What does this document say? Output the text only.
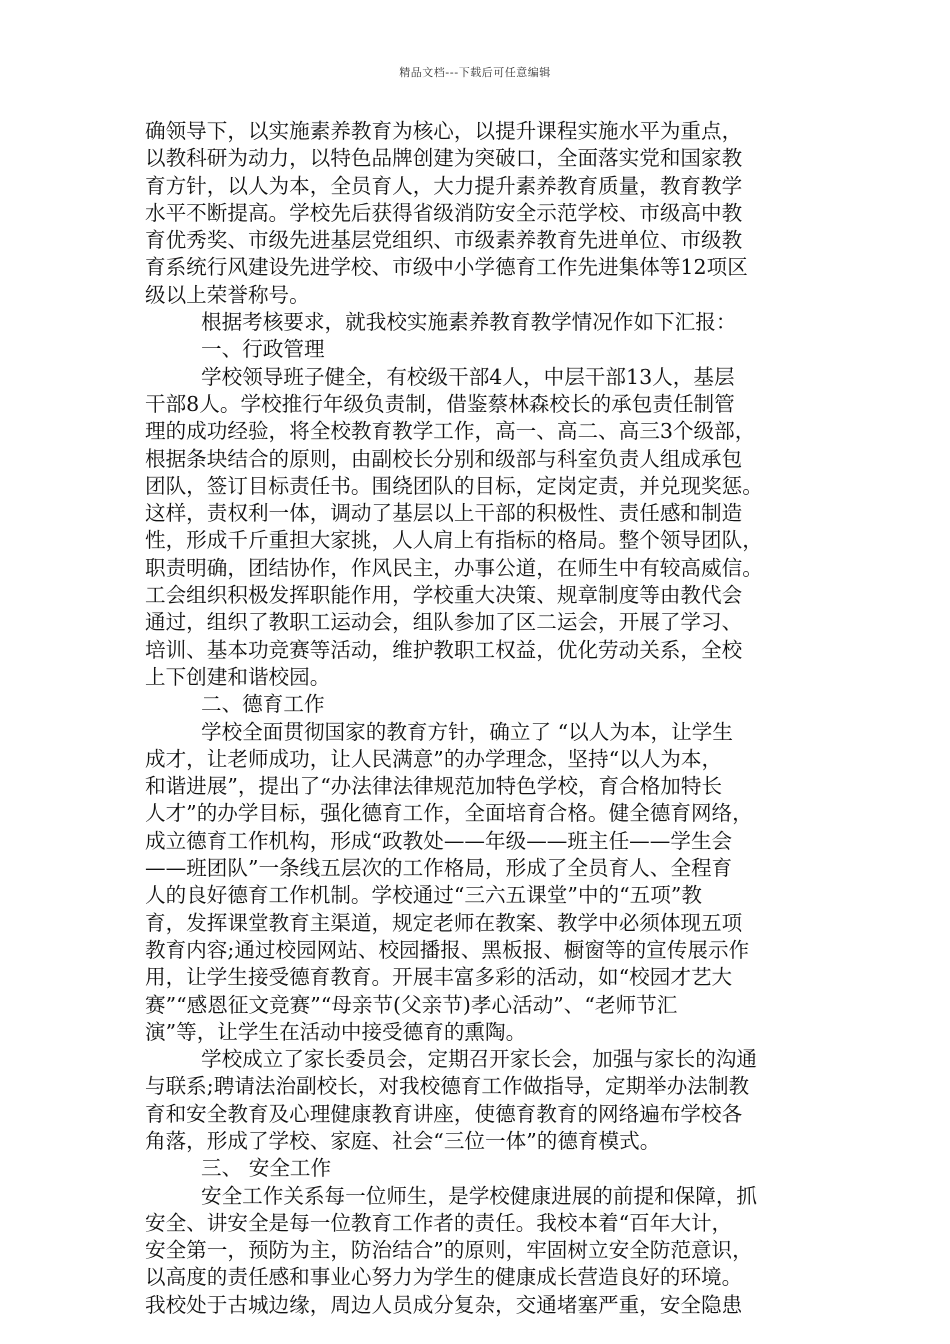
精品文档---下载后可任意编辑
确领导下，以实施素养教育为核心，以提升课程实施水平为重点，
以教科研为动力，以特色品牌创建为突破口，全面落实党和国家教
育方针，以人为本，全员育人，大力提升素养教育质量，教育教学
水平不断提高。学校先后获得省级消防安全示范学校、市级高中教
育优秀奖、市级先进基层党组织、市级素养教育先进单位、市级教
育系统行风建设先进学校、市级中小学德育工作先进集体等12项区
级以上荣誉称号。
根据考核要求，就我校实施素养教育教学情况作如下汇报：
一、行政管理
学校领导班子健全，有校级干部4人，中层干部13人，基层
干部8人。学校推行年级负责制，借鉴蔡林森校长的承包责任制管
理的成功经验，将全校教育教学工作，高一、高二、高三3个级部，
根据条块结合的原则，由副校长分别和级部与科室负责人组成承包
团队，签订目标责任书。围绕团队的目标，定岗定责，并兑现奖惩。
这样，责权利一体，调动了基层以上干部的积极性、责任感和制造
性，形成千斤重担大家挑，人人肩上有指标的格局。整个领导团队，
职责明确，团结协作，作风民主，办事公道，在师生中有较高威信。
工会组织积极发挥职能作用，学校重大决策、规章制度等由教代会
通过，组织了教职工运动会，组队参加了区二运会，开展了学习、
培训、基本功竞赛等活动，维护教职工权益，优化劳动关系，全校
上下创建和谐校园。
二、德育工作
学校全面贯彻国家的教育方针，确立了 “以人为本，让学生
成才，让老师成功，让人民满意”的办学理念，坚持“以人为本，
和谐进展”，提出了“办法律法律规范加特色学校，育合格加特长
人才”的办学目标，强化德育工作，全面培育合格。健全德育网络，
成立德育工作机构，形成“政教处——年级——班主任——学生会
——班团队”一条线五层次的工作格局，形成了全员育人、全程育
人的良好德育工作机制。学校通过“三六五课堂”中的“五项”教
育，发挥课堂教育主渠道，规定老师在教案、教学中必须体现五项
教育内容;通过校园网站、校园播报、黑板报、橱窗等的宣传展示作
用，让学生接受德育教育。开展丰富多彩的活动，如“校园才艺大
赛”“感恩征文竞赛”“母亲节(父亲节)孝心活动”、“老师节汇
演”等，让学生在活动中接受德育的熏陶。
学校成立了家长委员会，定期召开家长会，加强与家长的沟通
与联系;聘请法治副校长，对我校德育工作做指导，定期举办法制教
育和安全教育及心理健康教育讲座，使德育教育的网络遍布学校各
角落，形成了学校、家庭、社会“三位一体”的德育模式。
三、 安全工作
安全工作关系每一位师生，是学校健康进展的前提和保障，抓
安全、讲安全是每一位教育工作者的责任。我校本着“百年大计，
安全第一，预防为主，防治结合”的原则，牢固树立安全防范意识，
以高度的责任感和事业心努力为学生的健康成长营造良好的环境。
我校处于古城边缘，周边人员成分复杂，交通堵塞严重，安全隐患
